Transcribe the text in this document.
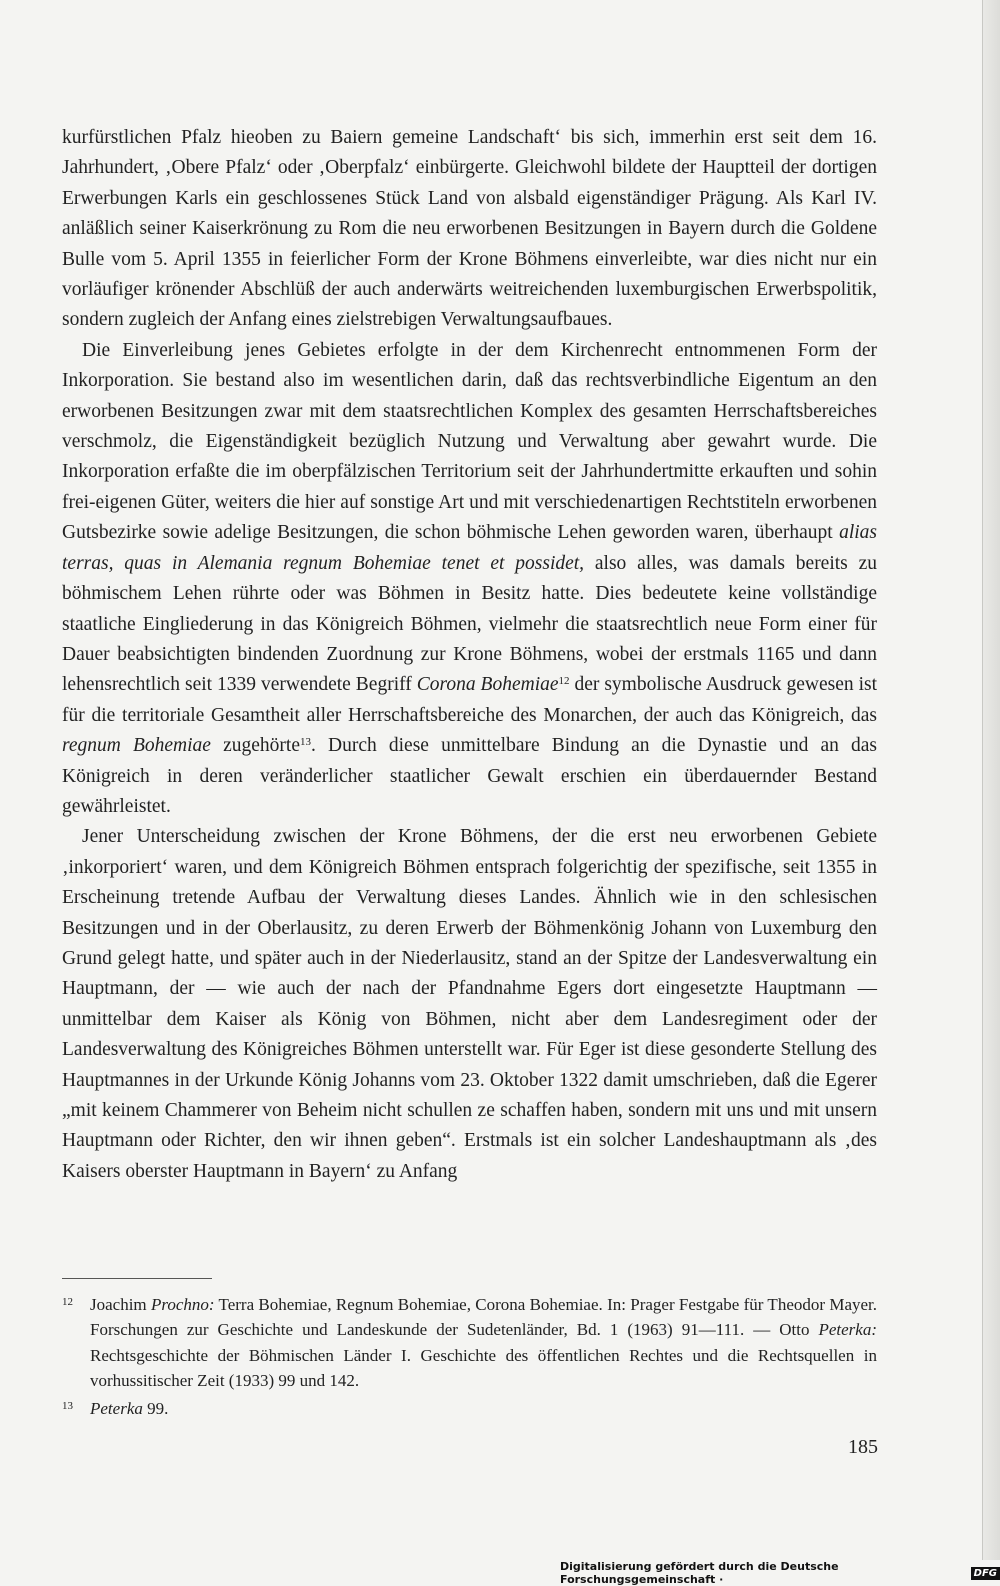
kurfürstlichen Pfalz hieoben zu Baiern gemeine Landschaft‘ bis sich, immerhin erst seit dem 16. Jahrhundert, ‚Obere Pfalz‘ oder ‚Oberpfalz‘ einbürgerte. Gleichwohl bildete der Hauptteil der dortigen Erwerbungen Karls ein geschlossenes Stück Land von alsbald eigenständiger Prägung. Als Karl IV. anläßlich seiner Kaiserkrönung zu Rom die neu erworbenen Besitzungen in Bayern durch die Goldene Bulle vom 5. April 1355 in feierlicher Form der Krone Böhmens einverleibte, war dies nicht nur ein vorläufiger krönender Abschlüß der auch anderwärts weitreichenden luxemburgischen Erwerbspolitik, sondern zugleich der Anfang eines zielstrebigen Verwaltungsaufbaues.

Die Einverleibung jenes Gebietes erfolgte in der dem Kirchenrecht entnommenen Form der Inkorporation. Sie bestand also im wesentlichen darin, daß das rechtsverbindliche Eigentum an den erworbenen Besitzungen zwar mit dem staatsrechtlichen Komplex des gesamten Herrschaftsbereiches verschmolz, die Eigenständigkeit bezüglich Nutzung und Verwaltung aber gewahrt wurde. Die Inkorporation erfaßte die im oberpfälzischen Territorium seit der Jahrhundertmitte erkauften und sohin frei-eigenen Güter, weiters die hier auf sonstige Art und mit verschiedenartigen Rechtstiteln erworbenen Gutsbezirke sowie adelige Besitzungen, die schon böhmische Lehen geworden waren, überhaupt alias terras, quas in Alemania regnum Bohemiae tenet et possidet, also alles, was damals bereits zu böhmischem Lehen rührte oder was Böhmen in Besitz hatte. Dies bedeutete keine vollständige staatliche Eingliederung in das Königreich Böhmen, vielmehr die staatsrechtlich neue Form einer für Dauer beabsichtigten bindenden Zuordnung zur Krone Böhmens, wobei der erstmals 1165 und dann lehensrechtlich seit 1339 verwendete Begriff Corona Bohemiae$^{12}$ der symbolische Ausdruck gewesen ist für die territoriale Gesamtheit aller Herrschaftsbereiche des Monarchen, der auch das Königreich, das regnum Bohemiae zugehörte$^{13}$. Durch diese unmittelbare Bindung an die Dynastie und an das Königreich in deren veränderlicher staatlicher Gewalt erschien ein überdauernder Bestand gewährleistet.

Jener Unterscheidung zwischen der Krone Böhmens, der die erst neu erworbenen Gebiete ‚inkorporiert‘ waren, und dem Königreich Böhmen entsprach folgerichtig der spezifische, seit 1355 in Erscheinung tretende Aufbau der Verwaltung dieses Landes. Ähnlich wie in den schlesischen Besitzungen und in der Oberlausitz, zu deren Erwerb der Böhmenkönig Johann von Luxemburg den Grund gelegt hatte, und später auch in der Niederlausitz, stand an der Spitze der Landesverwaltung ein Hauptmann, der — wie auch der nach der Pfandnahme Egers dort eingesetzte Hauptmann — unmittelbar dem Kaiser als König von Böhmen, nicht aber dem Landesregiment oder der Landesverwaltung des Königreiches Böhmen unterstellt war. Für Eger ist diese gesonderte Stellung des Hauptmannes in der Urkunde König Johanns vom 23. Oktober 1322 damit umschrieben, daß die Egerer „mit keinem Chammerer von Beheim nicht schullen ze schaffen haben, sondern mit uns und mit unsern Hauptmann oder Richter, den wir ihnen geben“. Erstmals ist ein solcher Landeshauptmann als ‚des Kaisers oberster Hauptmann in Bayern‘ zu Anfang

12 Joachim Prochno: Terra Bohemiae, Regnum Bohemiae, Corona Bohemiae. In: Prager Festgabe für Theodor Mayer. Forschungen zur Geschichte und Landeskunde der Sudetenländer, Bd. 1 (1963) 91—111. — Otto Peterka: Rechtsgeschichte der Böhmischen Länder I. Geschichte des öffentlichen Rechtes und die Rechtsquellen in vorhussitischer Zeit (1933) 99 und 142.

13 Peterka 99.

185
Digitalisierung gefördert durch die Deutsche Forschungsgemeinschaft ·	DFG
